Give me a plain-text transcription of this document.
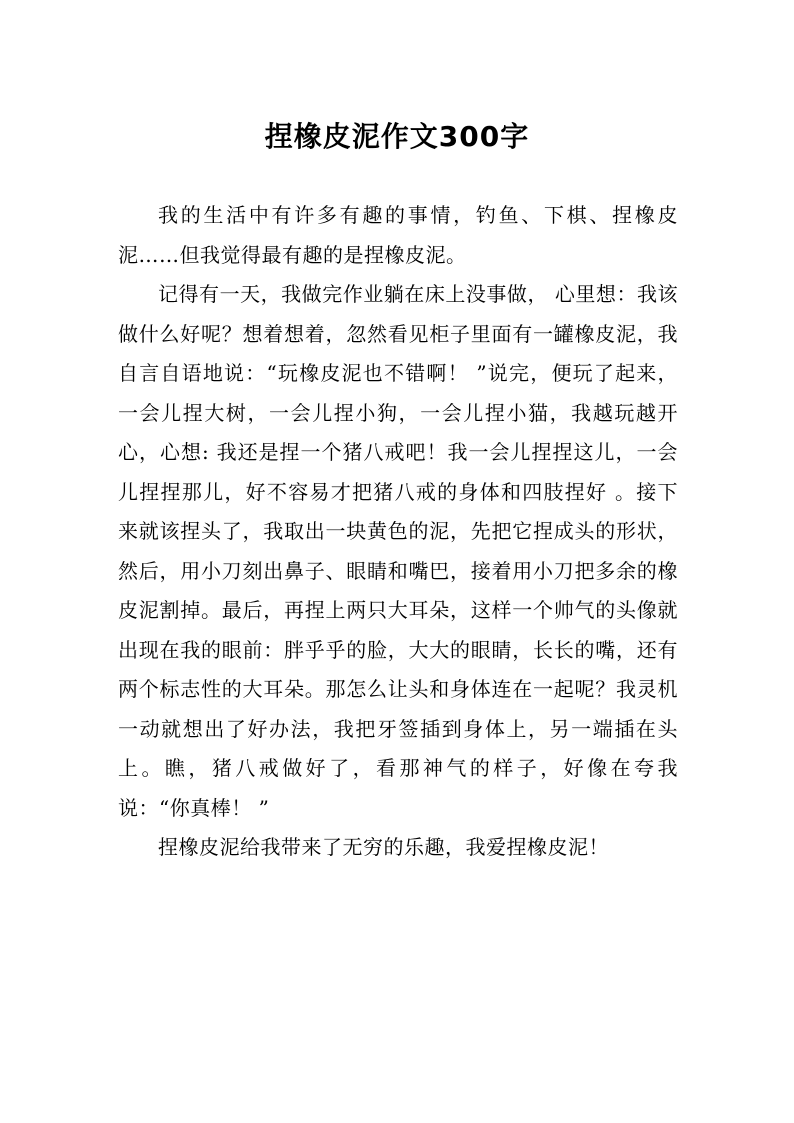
捏橡皮泥作文300字

我的生活中有许多有趣的事情，钓鱼、下棋、捏橡皮泥……但我觉得最有趣的是捏橡皮泥。

记得有一天，我做完作业躺在床上没事做， 心里想：我该做什么好呢？想着想着，忽然看见柜子里面有一罐橡皮泥，我自言自语地说：“玩橡皮泥也不错啊！ ”说完，便玩了起来，一会儿捏大树，一会儿捏小狗，一会儿捏小猫，我越玩越开心，心想: 我还是捏一个猪八戒吧！我一会儿捏捏这儿，一会儿捏捏那儿，好不容易才把猪八戒的身体和四肢捏好 。接下来就该捏头了，我取出一块黄色的泥，先把它捏成头的形状，然后，用小刀刻出鼻子、眼睛和嘴巴，接着用小刀把多余的橡皮泥割掉。最后，再捏上两只大耳朵，这样一个帅气的头像就出现在我的眼前：胖乎乎的脸，大大的眼睛，长长的嘴，还有两个标志性的大耳朵。那怎么让头和身体连在一起呢？我灵机一动就想出了好办法，我把牙签插到身体上，另一端插在头上。瞧，猪八戒做好了，看那神气的样子，好像在夸我说：“你真棒！ ”

捏橡皮泥给我带来了无穷的乐趣，我爱捏橡皮泥！
